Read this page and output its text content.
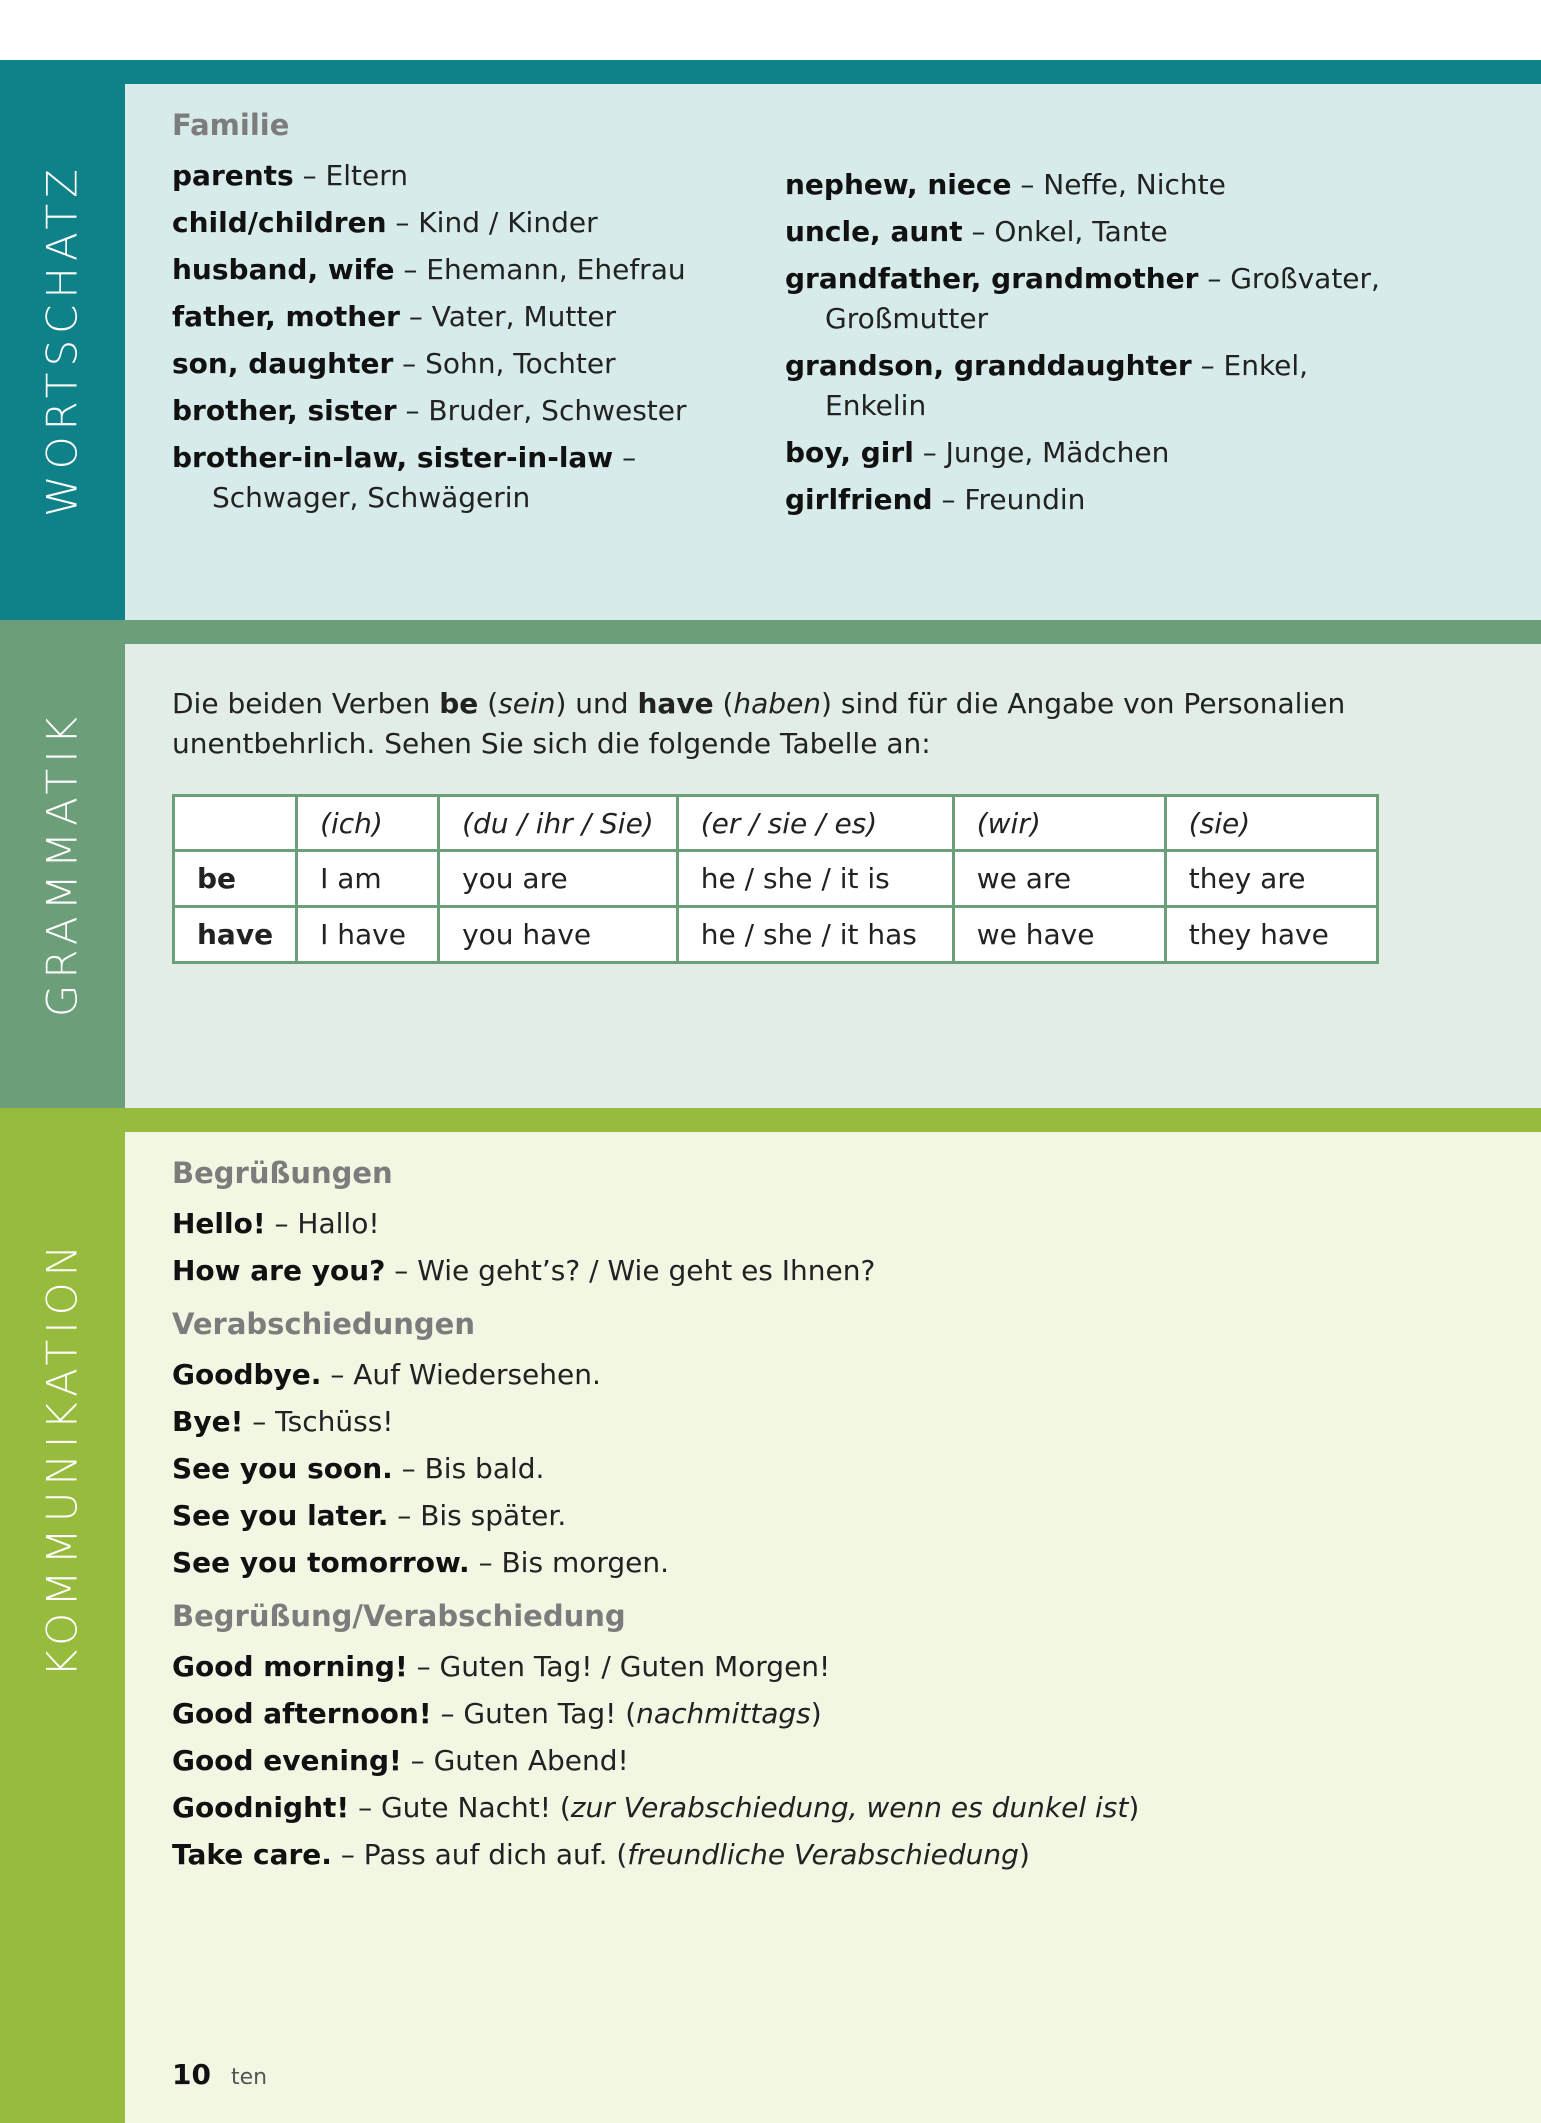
WORTSCHATZ
Familie
parents – Eltern
child/children – Kind / Kinder
husband, wife – Ehemann, Ehefrau
father, mother – Vater, Mutter
son, daughter – Sohn, Tochter
brother, sister – Bruder, Schwester
brother-in-law, sister-in-law – Schwager, Schwägerin
nephew, niece – Neffe, Nichte
uncle, aunt – Onkel, Tante
grandfather, grandmother – Großvater, Großmutter
grandson, granddaughter – Enkel, Enkelin
boy, girl – Junge, Mädchen
girlfriend – Freundin
GRAMMATIK

Die beiden Verben be (sein) und have (haben) sind für die Angabe von Personalien unentbehrlich. Sehen Sie sich die folgende Tabelle an:

	(ich)	(du / ihr / Sie)	(er / sie / es)	(wir)	(sie)
be	I am	you are	he / she / it is	we are	they are
have	I have	you have	he / she / it has	we have	they have
KOMMUNIKATION
Begrüßungen
Hello! – Hallo!
How are you? – Wie geht’s? / Wie geht es Ihnen?
Verabschiedungen
Goodbye. – Auf Wiedersehen.
Bye! – Tschüss!
See you soon. – Bis bald.
See you later. – Bis später.
See you tomorrow. – Bis morgen.
Begrüßung/Verabschiedung
Good morning! – Guten Tag! / Guten Morgen!
Good afternoon! – Guten Tag! (nachmittags)
Good evening! – Guten Abend!
Goodnight! – Gute Nacht! (zur Verabschiedung, wenn es dunkel ist)
Take care. – Pass auf dich auf. (freundliche Verabschiedung)
10 ten
